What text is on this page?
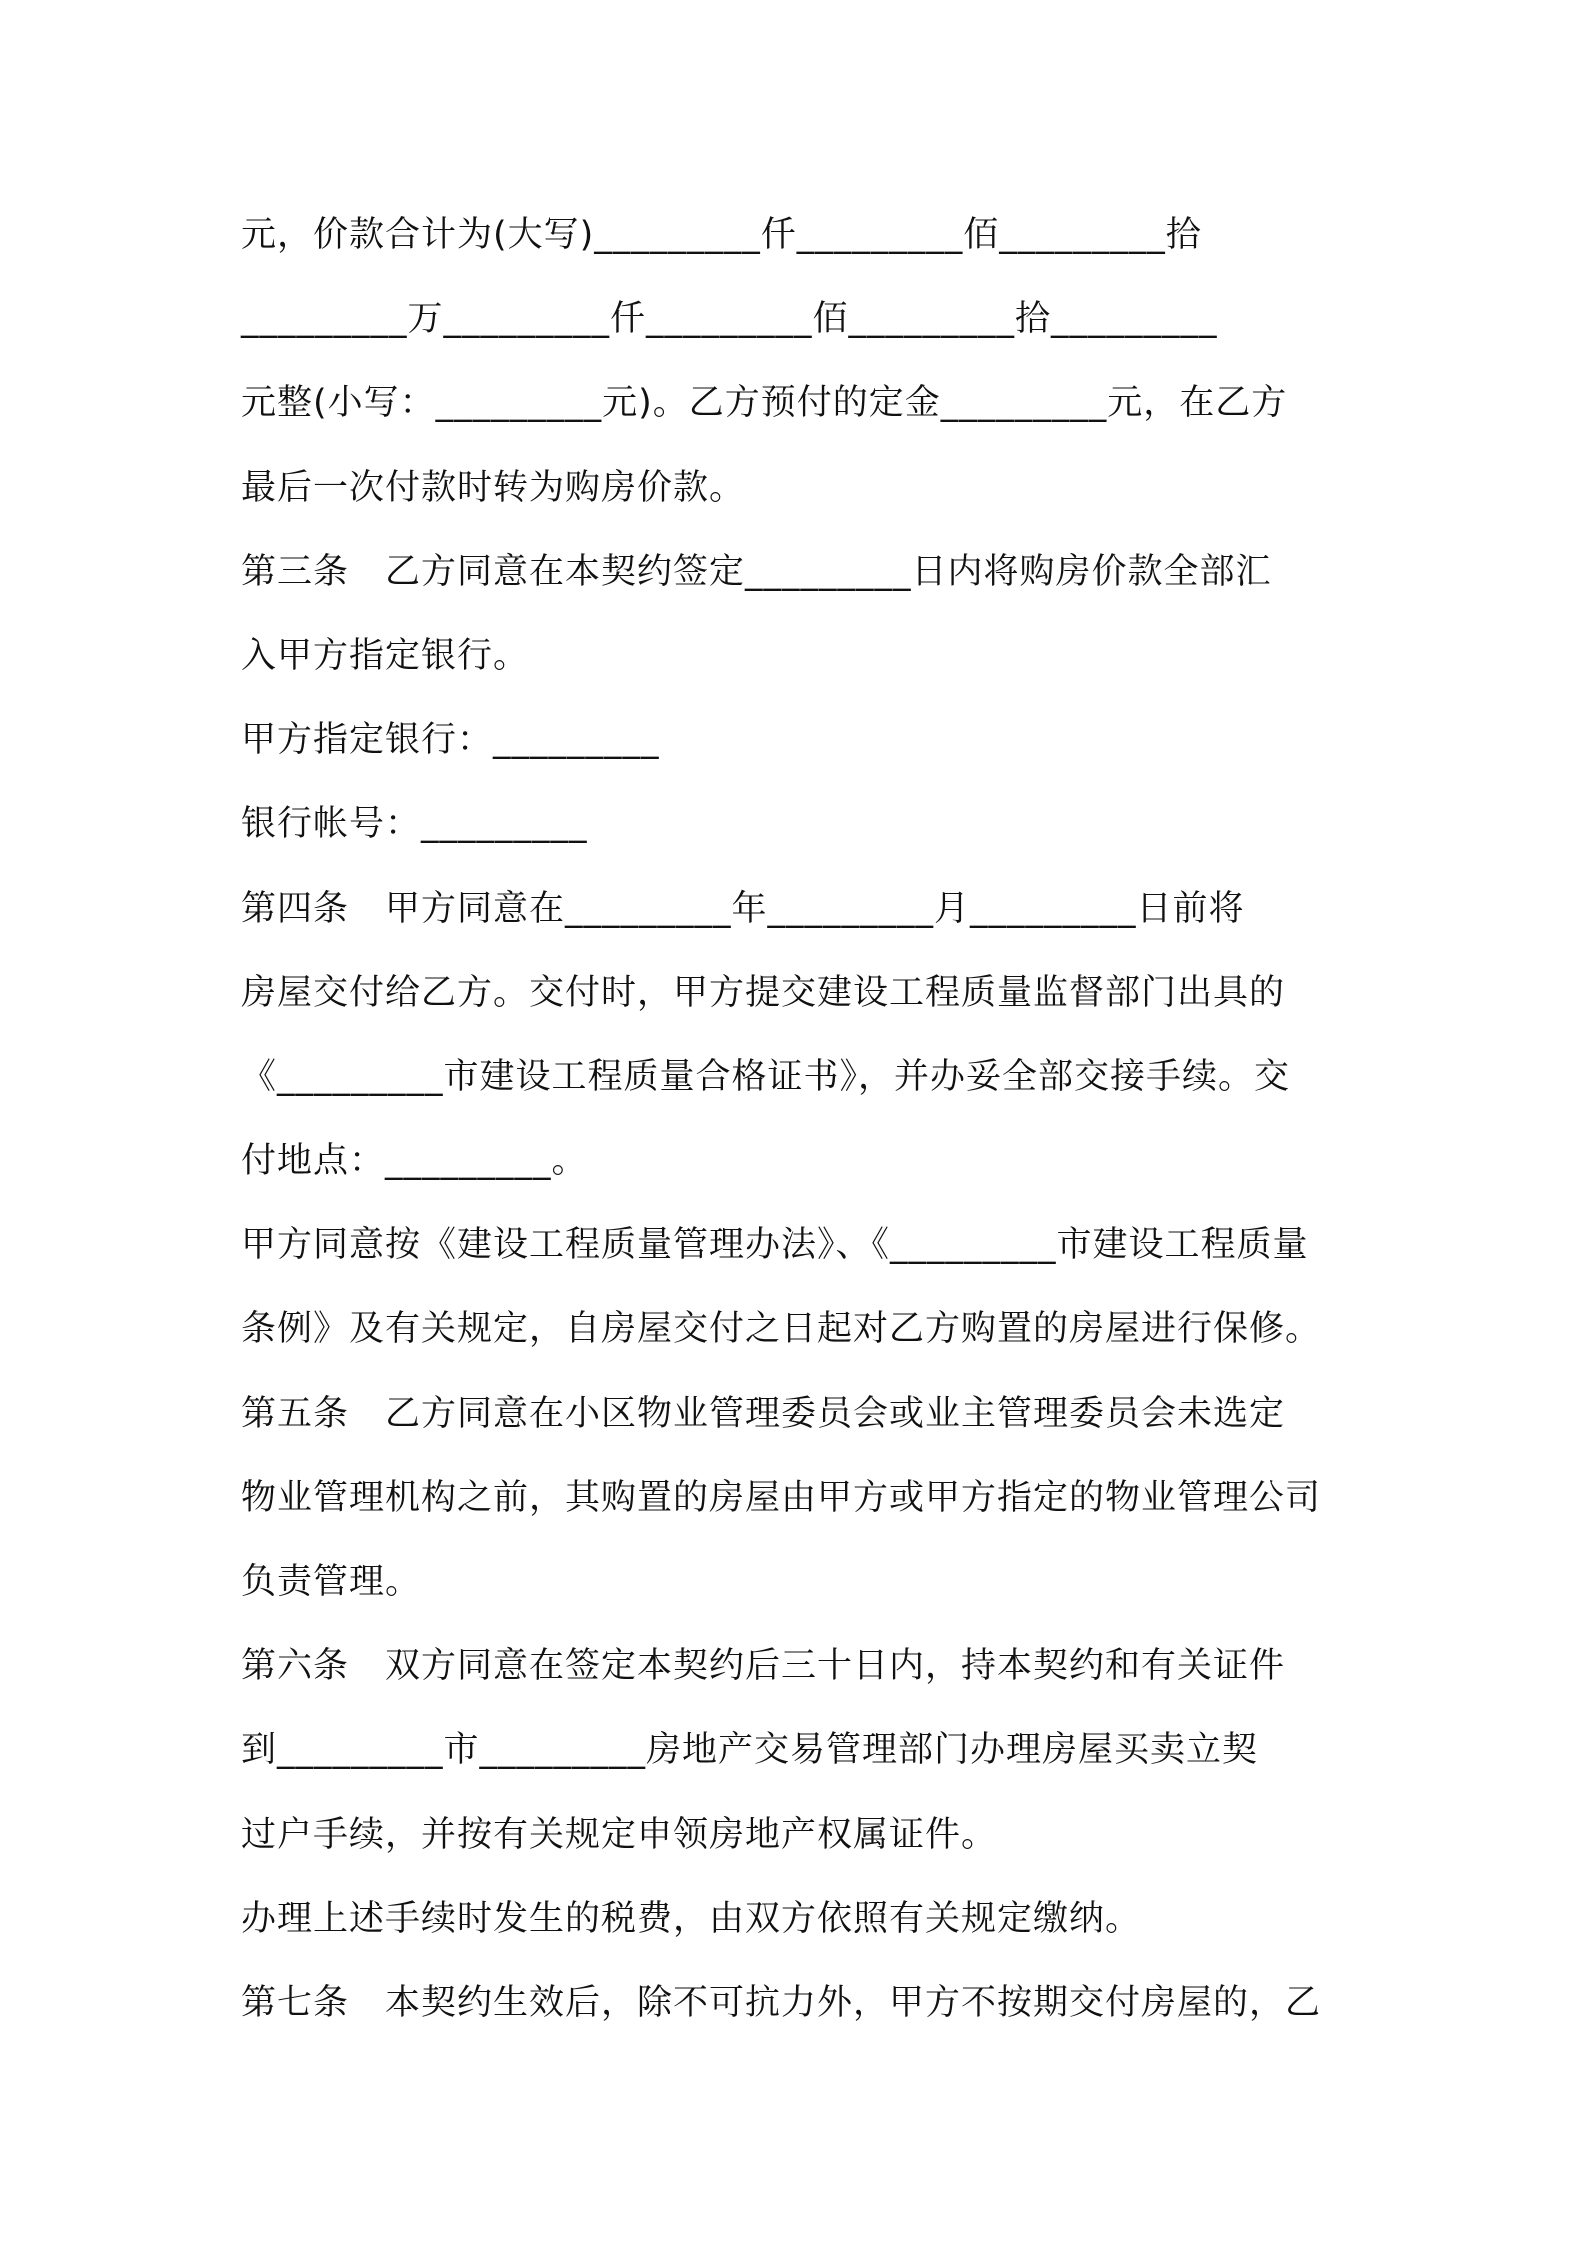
元，价款合计为(大写)_________仟_________佰_________拾
_________万_________仟_________佰_________拾_________
元整(小写：_________元)。乙方预付的定金_________元，在乙方
最后一次付款时转为购房价款。
第三条　乙方同意在本契约签定_________日内将购房价款全部汇
入甲方指定银行。
甲方指定银行：_________
银行帐号：_________
第四条　甲方同意在_________年_________月_________日前将
房屋交付给乙方。交付时，甲方提交建设工程质量监督部门出具的
《_________市建设工程质量合格证书》，并办妥全部交接手续。交
付地点：_________。
甲方同意按《建设工程质量管理办法》、《_________市建设工程质量
条例》及有关规定，自房屋交付之日起对乙方购置的房屋进行保修。
第五条　乙方同意在小区物业管理委员会或业主管理委员会未选定
物业管理机构之前，其购置的房屋由甲方或甲方指定的物业管理公司
负责管理。
第六条　双方同意在签定本契约后三十日内，持本契约和有关证件
到_________市_________房地产交易管理部门办理房屋买卖立契
过户手续，并按有关规定申领房地产权属证件。
办理上述手续时发生的税费，由双方依照有关规定缴纳。
第七条　本契约生效后，除不可抗力外，甲方不按期交付房屋的，乙
